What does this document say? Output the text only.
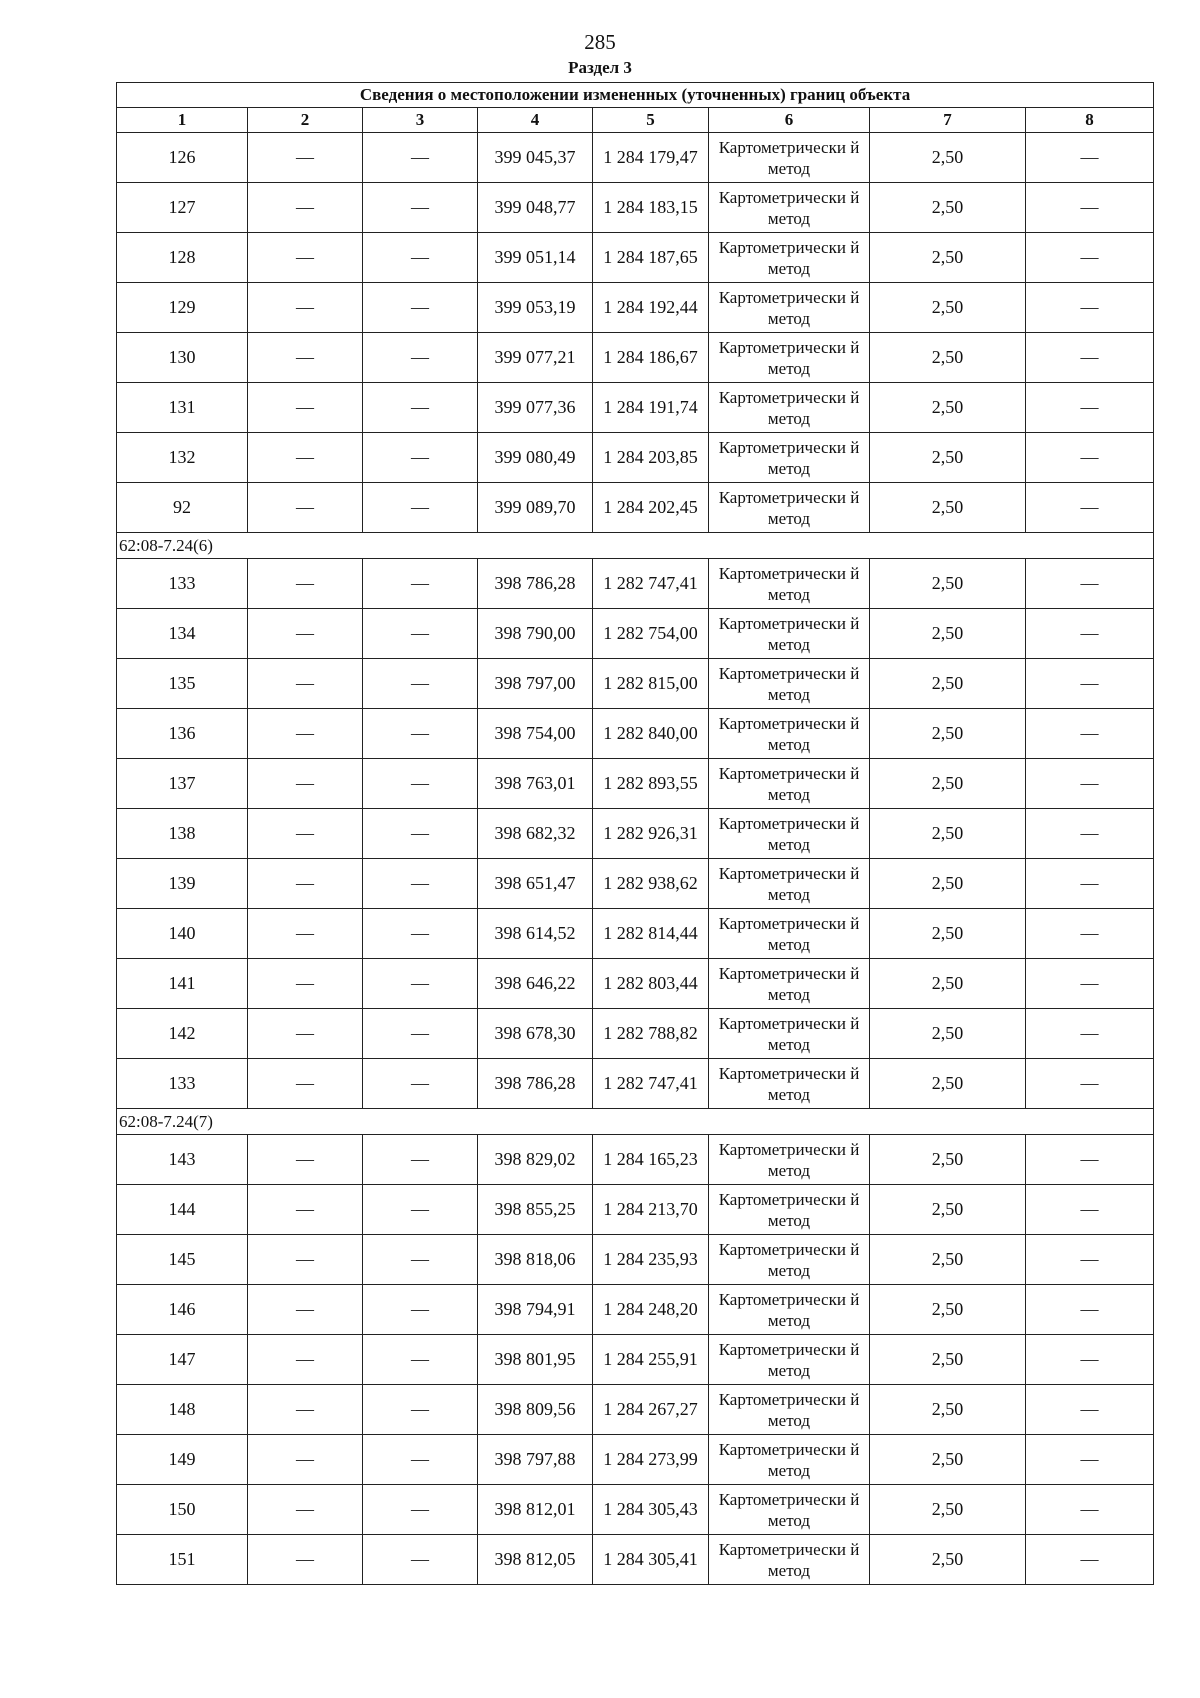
285
Раздел 3
Сведения о местоположении измененных (уточненных) границ объекта							
1	2	3	4	5	6	7	8
126	—	—	399 045,37	1 284 179,47	Картометрически й метод	2,50	—
127	—	—	399 048,77	1 284 183,15	Картометрически й метод	2,50	—
128	—	—	399 051,14	1 284 187,65	Картометрически й метод	2,50	—
129	—	—	399 053,19	1 284 192,44	Картометрически й метод	2,50	—
130	—	—	399 077,21	1 284 186,67	Картометрически й метод	2,50	—
131	—	—	399 077,36	1 284 191,74	Картометрически й метод	2,50	—
132	—	—	399 080,49	1 284 203,85	Картометрически й метод	2,50	—
92	—	—	399 089,70	1 284 202,45	Картометрически й метод	2,50	—
62:08-7.24(6)							
133	—	—	398 786,28	1 282 747,41	Картометрически й метод	2,50	—
134	—	—	398 790,00	1 282 754,00	Картометрически й метод	2,50	—
135	—	—	398 797,00	1 282 815,00	Картометрически й метод	2,50	—
136	—	—	398 754,00	1 282 840,00	Картометрически й метод	2,50	—
137	—	—	398 763,01	1 282 893,55	Картометрически й метод	2,50	—
138	—	—	398 682,32	1 282 926,31	Картометрически й метод	2,50	—
139	—	—	398 651,47	1 282 938,62	Картометрически й метод	2,50	—
140	—	—	398 614,52	1 282 814,44	Картометрически й метод	2,50	—
141	—	—	398 646,22	1 282 803,44	Картометрически й метод	2,50	—
142	—	—	398 678,30	1 282 788,82	Картометрически й метод	2,50	—
133	—	—	398 786,28	1 282 747,41	Картометрически й метод	2,50	—
62:08-7.24(7)							
143	—	—	398 829,02	1 284 165,23	Картометрически й метод	2,50	—
144	—	—	398 855,25	1 284 213,70	Картометрически й метод	2,50	—
145	—	—	398 818,06	1 284 235,93	Картометрически й метод	2,50	—
146	—	—	398 794,91	1 284 248,20	Картометрически й метод	2,50	—
147	—	—	398 801,95	1 284 255,91	Картометрически й метод	2,50	—
148	—	—	398 809,56	1 284 267,27	Картометрически й метод	2,50	—
149	—	—	398 797,88	1 284 273,99	Картометрически й метод	2,50	—
150	—	—	398 812,01	1 284 305,43	Картометрически й метод	2,50	—
151	—	—	398 812,05	1 284 305,41	Картометрически й метод	2,50	—
